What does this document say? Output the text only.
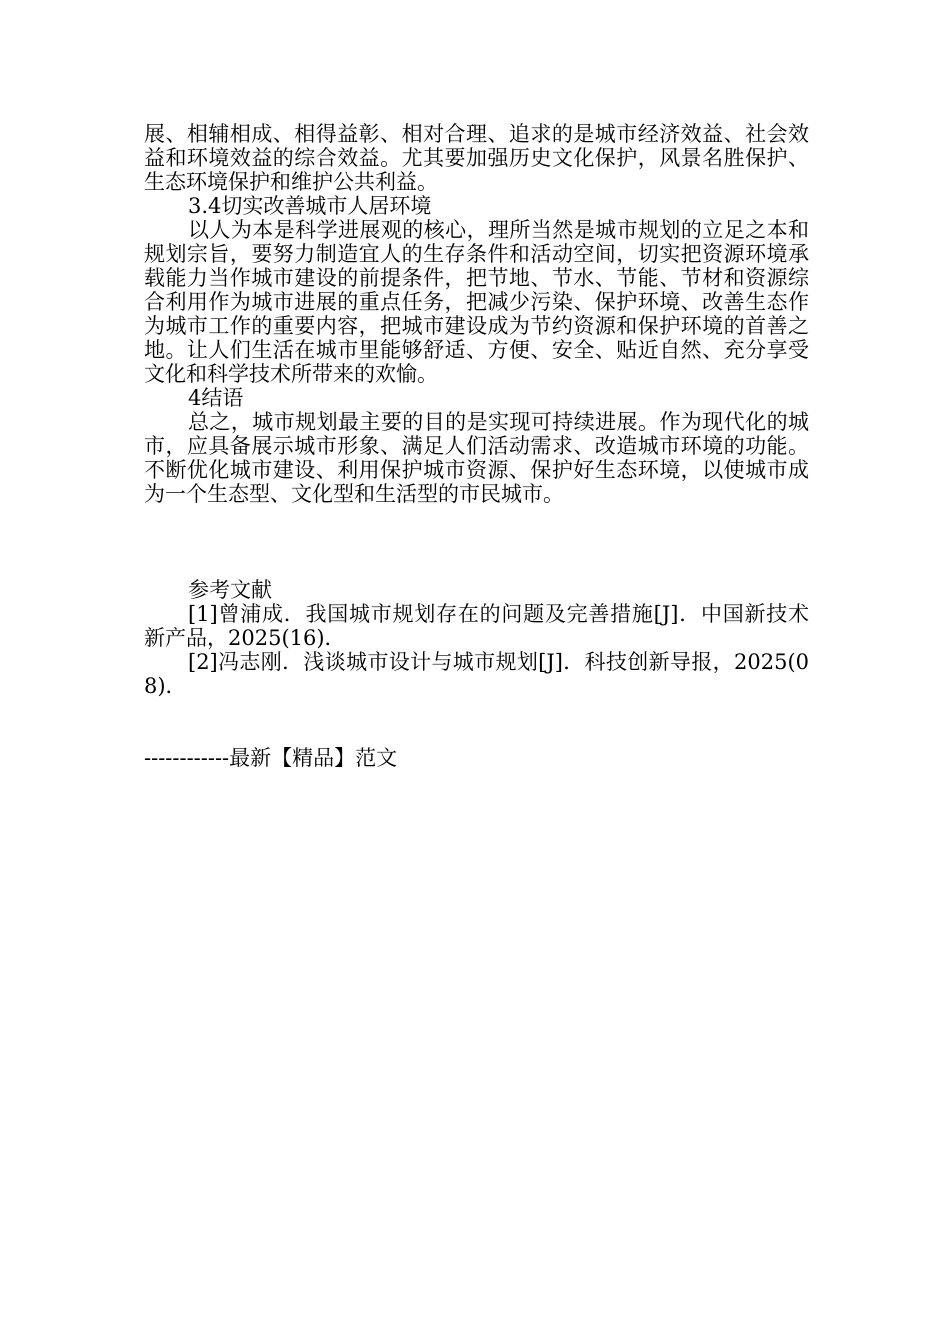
展、相辅相成、相得益彰、相对合理、追求的是城市经济效益、社会效益和环境效益的综合效益。尤其要加强历史文化保护，风景名胜保护、生态环境保护和维护公共利益。

3.4切实改善城市人居环境

以人为本是科学进展观的核心，理所当然是城市规划的立足之本和规划宗旨，要努力制造宜人的生存条件和活动空间，切实把资源环境承载能力当作城市建设的前提条件，把节地、节水、节能、节材和资源综合利用作为城市进展的重点任务，把减少污染、保护环境、改善生态作为城市工作的重要内容，把城市建设成为节约资源和保护环境的首善之地。让人们生活在城市里能够舒适、方便、安全、贴近自然、充分享受文化和科学技术所带来的欢愉。

4结语

总之，城市规划最主要的目的是实现可持续进展。作为现代化的城市，应具备展示城市形象、满足人们活动需求、改造城市环境的功能。不断优化城市建设、利用保护城市资源、保护好生态环境，以使城市成为一个生态型、文化型和生活型的市民城市。

参考文献

[1]曾浦成．我国城市规划存在的问题及完善措施[J]．中国新技术新产品，2025(16)．

[2]冯志刚．浅谈城市设计与城市规划[J]．科技创新导报，2025(08)．

------------最新【精品】范文
